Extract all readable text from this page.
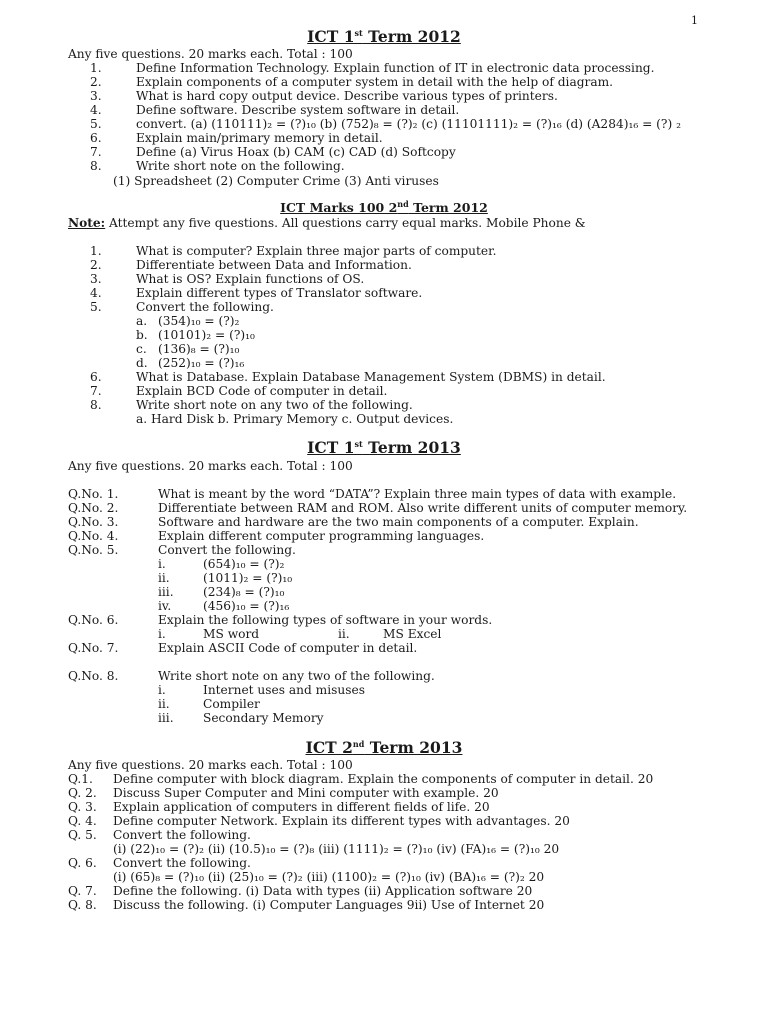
1
ICT 1st Term 2012
Any five questions. 20 marks each. Total : 100
1.	Define Information Technology. Explain function of IT in electronic data processing.
2.	Explain components of a computer system in detail with the help of diagram.
3.	What is hard copy output device. Describe various types of printers.
4.	Define software. Describe system software in detail.
5.	convert. (a) (110111)₂ = (?)₁₀ (b) (752)₈ = (?)₂ (c) (11101111)₂ = (?)₁₆ (d) (A284)₁₆ = (?) ₂
6.	Explain main/primary memory in detail.
7.	Define (a) Virus Hoax (b) CAM (c) CAD (d) Softcopy
8.	Write short note on the following.
(1) Spreadsheet (2) Computer Crime (3) Anti viruses
ICT Marks 100 2nd Term 2012
Note: Attempt any five questions. All questions carry equal marks. Mobile Phone &
1.	What is computer? Explain three major parts of computer.
2.	Differentiate between Data and Information.
3.	What is OS? Explain functions of OS.
4.	Explain different types of Translator software.
5.	Convert the following.
a. (354)₁₀ = (?)₂
b. (10101)₂ = (?)₁₀
c. (136)₈ = (?)₁₀
d. (252)₁₀ = (?)₁₆
6.	What is Database. Explain Database Management System (DBMS) in detail.
7.	Explain BCD Code of computer in detail.
8.	Write short note on any two of the following.
a. Hard Disk b. Primary Memory c. Output devices.
ICT 1st Term 2013
Any five questions. 20 marks each. Total : 100
Q.No. 1.	What is meant by the word “DATA”? Explain three main types of data with example.
Q.No. 2.	Differentiate between RAM and ROM. Also write different units of computer memory.
Q.No. 3.	Software and hardware are the two main components of a computer. Explain.
Q.No. 4.	Explain different computer programming languages.
Q.No. 5.	Convert the following.
i.	(654)₁₀ = (?)₂
ii.	(1011)₂ = (?)₁₀
iii. (234)₈ = (?)₁₀
iv.	(456)₁₀ = (?)₁₆
Q.No. 6.	Explain the following types of software in your words.
i.	MS word	ii.	MS Excel
Q.No. 7.	Explain ASCII Code of computer in detail.
Q.No. 8.	Write short note on any two of the following.
i.	Internet uses and misuses
ii.	Compiler
iii. Secondary Memory
ICT 2nd Term 2013
Any five questions. 20 marks each. Total : 100
Q.1. Define computer with block diagram. Explain the components of computer in detail. 20
Q. 2. Discuss Super Computer and Mini computer with example. 20
Q. 3. Explain application of computers in different fields of life. 20
Q. 4. Define computer Network. Explain its different types with advantages. 20
Q. 5. Convert the following.
(i) (22)₁₀ = (?)₂ (ii) (10.5)₁₀ = (?)₈ (iii) (1111)₂ = (?)₁₀ (iv) (FA)₁₆ = (?)₁₀ 20
Q. 6. Convert the following.
(i) (65)₈ = (?)₁₀ (ii) (25)₁₀ = (?)₂ (iii) (1100)₂ = (?)₁₀ (iv) (BA)₁₆ = (?)₂ 20
Q. 7. Define the following. (i) Data with types (ii) Application software 20
Q. 8. Discuss the following. (i) Computer Languages 9ii) Use of Internet 20
